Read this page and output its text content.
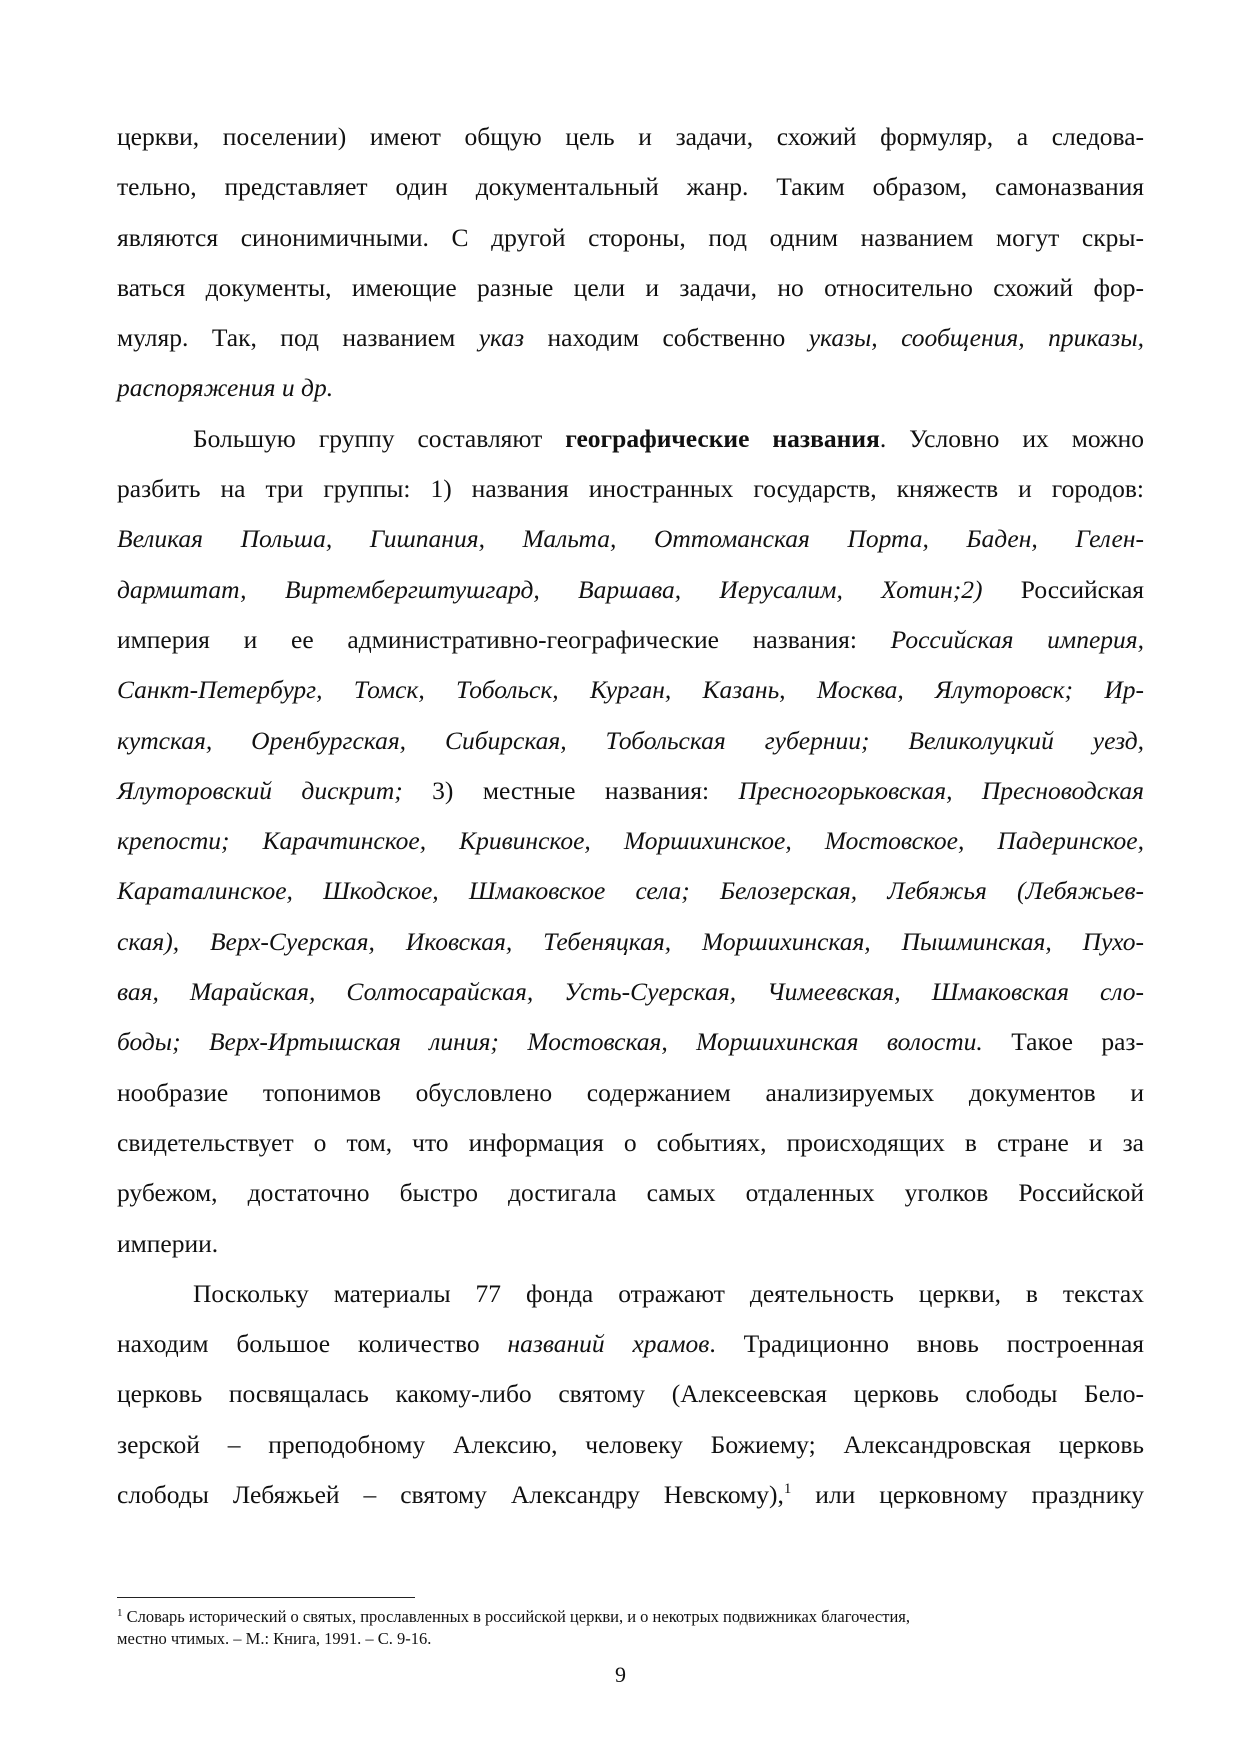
церкви, поселении) имеют общую цель и задачи, схожий формуляр, а следова-
тельно, представляет один документальный жанр. Таким образом, самоназвания
являются синонимичными. С другой стороны, под одним названием могут скры-
ваться документы, имеющие разные цели и задачи, но относительно схожий фор-
муляр. Так, под названием указ находим собственно указы, сообщения, приказы,
распоряжения и др.
Большую группу составляют географические названия. Условно их можно
разбить на три группы: 1) названия иностранных государств, княжеств и городов:
Великая Польша, Гишпания, Мальта, Оттоманская Порта, Баден, Гелен-
дармштат, Виртембергштушгард, Варшава, Иерусалим, Хотин;2) Российская
империя и ее административно-географические названия: Российская империя,
Санкт-Петербург, Томск, Тобольск, Курган, Казань, Москва, Ялуторовск; Ир-
кутская, Оренбургская, Сибирская, Тобольская губернии; Великолуцкий уезд,
Ялуторовский дискрит; 3) местные названия: Пресногорьковская, Пресноводская
крепости; Карачтинское, Кривинское, Моршихинское, Мостовское, Падеринское,
Караталинское, Шкодское, Шмаковское села; Белозерская, Лебяжья (Лебяжьев-
ская), Верх-Суерская, Иковская, Тебеняцкая, Моршихинская, Пышминская, Пухо-
вая, Марайская, Солтосарайская, Усть-Суерская, Чимеевская, Шмаковская сло-
боды; Верх-Иртышская линия; Мостовская, Моршихинская волости. Такое раз-
нообразие топонимов обусловлено содержанием анализируемых документов и
свидетельствует о том, что информация о событиях, происходящих в стране и за
рубежом, достаточно быстро достигала самых отдаленных уголков Российской
империи.
Поскольку материалы 77 фонда отражают деятельность церкви, в текстах
находим большое количество названий храмов. Традиционно вновь построенная
церковь посвящалась какому-либо святому (Алексеевская церковь слободы Бело-
зерской – преподобному Алексию, человеку Божиему; Александровская церковь
слободы Лебяжьей – святому Александру Невскому),$^1$ или церковному празднику
$^1$ Словарь исторический о святых, прославленных в российской церкви, и о некотрых подвижниках благочестия,
местно чтимых. – М.: Книга, 1991. – С. 9-16.
9
